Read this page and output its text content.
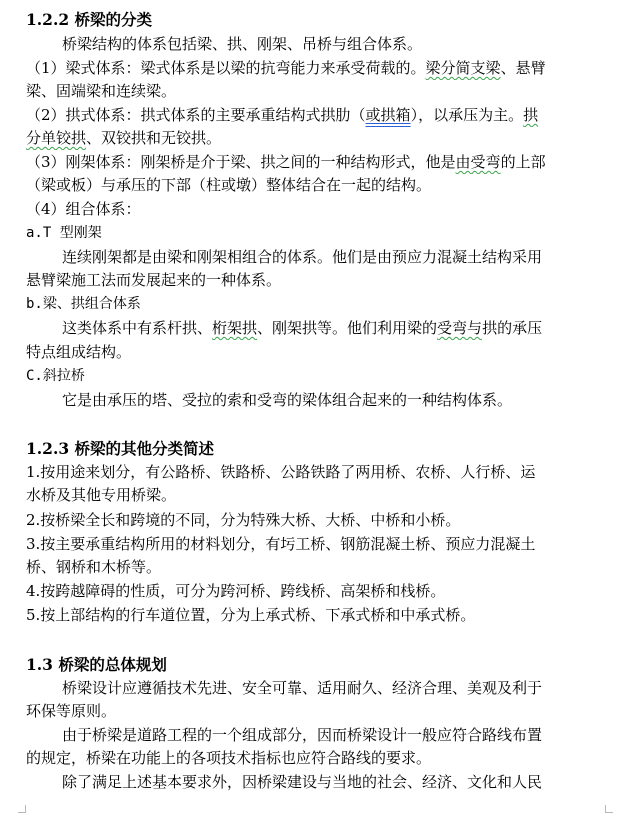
1.2.2 桥梁的分类
桥梁结构的体系包括梁、拱、刚架、吊桥与组合体系。
（1）梁式体系：梁式体系是以梁的抗弯能力来承受荷载的。梁分简支梁、悬臂
梁、固端梁和连续梁。
（2）拱式体系：拱式体系的主要承重结构式拱肋（或拱箱），以承压为主。拱
分单铰拱、双铰拱和无铰拱。
（3）刚架体系：刚架桥是介于梁、拱之间的一种结构形式，他是由受弯的上部
（梁或板）与承压的下部（柱或墩）整体结合在一起的结构。
（4）组合体系：
a.T 型刚架
连续刚架都是由梁和刚架相组合的体系。他们是由预应力混凝土结构采用
悬臂梁施工法而发展起来的一种体系。
b.梁、拱组合体系
这类体系中有系杆拱、桁架拱、刚架拱等。他们利用梁的受弯与拱的承压
特点组成结构。
C.斜拉桥
它是由承压的塔、受拉的索和受弯的梁体组合起来的一种结构体系。
1.2.3 桥梁的其他分类简述
1.按用途来划分，有公路桥、铁路桥、公路铁路了两用桥、农桥、人行桥、运
水桥及其他专用桥梁。
2.按桥梁全长和跨境的不同，分为特殊大桥、大桥、中桥和小桥。
3.按主要承重结构所用的材料划分，有圬工桥、钢筋混凝土桥、预应力混凝土
桥、钢桥和木桥等。
4.按跨越障碍的性质，可分为跨河桥、跨线桥、高架桥和栈桥。
5.按上部结构的行车道位置，分为上承式桥、下承式桥和中承式桥。
1.3 桥梁的总体规划
桥梁设计应遵循技术先进、安全可靠、适用耐久、经济合理、美观及利于
环保等原则。
由于桥梁是道路工程的一个组成部分，因而桥梁设计一般应符合路线布置
的规定，桥梁在功能上的各项技术指标也应符合路线的要求。
除了满足上述基本要求外，因桥梁建设与当地的社会、经济、文化和人民
